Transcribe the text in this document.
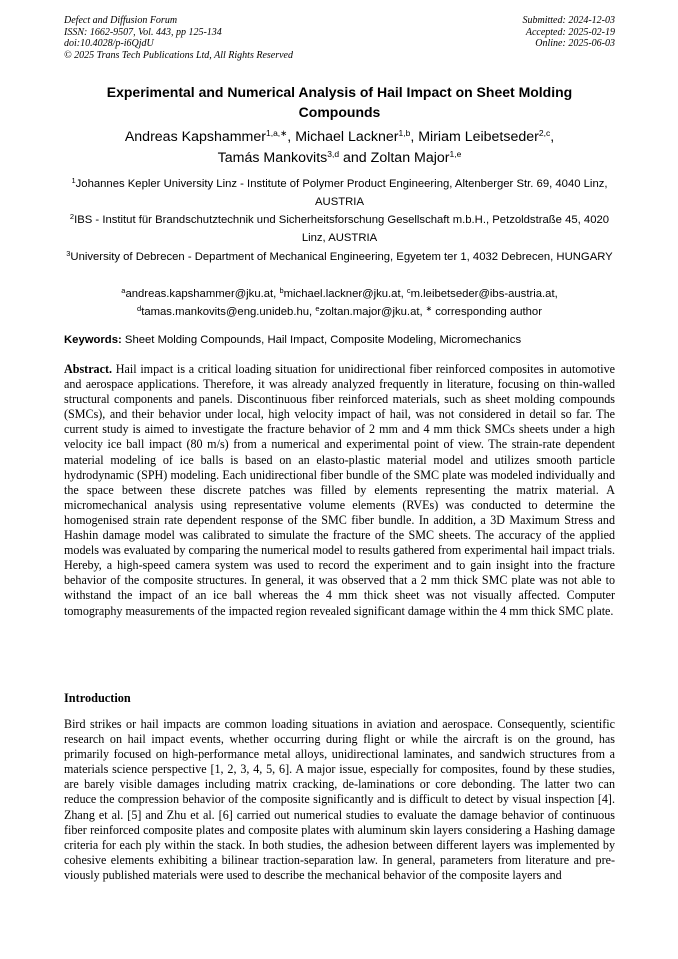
Defect and Diffusion Forum
ISSN: 1662-9507, Vol. 443, pp 125-134
doi:10.4028/p-i6QjdU
© 2025 Trans Tech Publications Ltd, All Rights Reserved
Submitted: 2024-12-03
Accepted: 2025-02-19
Online: 2025-06-03
Experimental and Numerical Analysis of Hail Impact on Sheet Molding Compounds
Andreas Kapshammer$^{1,a,∗}$, Michael Lackner$^{1,b}$, Miriam Leibetseder$^{2,c}$,
Tamás Mankovits$^{3,d}$ and Zoltan Major$^{1,e}$
$^1$Johannes Kepler University Linz - Institute of Polymer Product Engineering, Altenberger Str. 69, 4040 Linz, AUSTRIA
$^2$IBS - Institut für Brandschutztechnik und Sicherheitsforschung Gesellschaft m.b.H., Petzoldstraße 45, 4020 Linz, AUSTRIA
$^3$University of Debrecen - Department of Mechanical Engineering, Egyetem ter 1, 4032 Debrecen, HUNGARY
$^a$andreas.kapshammer@jku.at, $^b$michael.lackner@jku.at, $^c$m.leibetseder@ibs-austria.at,
$^d$tamas.mankovits@eng.unideb.hu, $^e$zoltan.major@jku.at, ∗ corresponding author
Keywords: Sheet Molding Compounds, Hail Impact, Composite Modeling, Micromechanics
Abstract. Hail impact is a critical loading situation for unidirectional fiber reinforced composites in automotive and aerospace applications. Therefore, it was already analyzed frequently in literature, focusing on thin-walled structural components and panels. Discontinuous fiber reinforced materials, such as sheet molding compounds (SMCs), and their behavior under local, high velocity impact of hail, was not considered in detail so far. The current study is aimed to investigate the fracture behavior of 2 mm and 4 mm thick SMCs sheets under a high velocity ice ball impact (80 m/s) from a numerical and experimental point of view. The strain-rate dependent material modeling of ice balls is based on an elasto-plastic material model and utilizes smooth particle hydrodynamic (SPH) modeling. Each unidirectional fiber bundle of the SMC plate was modeled individually and the space between these discrete patches was filled by elements representing the matrix material. A micromechanical analysis using representative volume elements (RVEs) was conducted to determine the homogenised strain rate dependent response of the SMC fiber bundle. In addition, a 3D Maximum Stress and Hashin damage model was calibrated to simulate the fracture of the SMC sheets. The accuracy of the applied models was evaluated by comparing the numerical model to results gathered from experimental hail impact trials. Hereby, a high-speed camera system was used to record the experiment and to gain insight into the fracture behavior of the composite structures. In general, it was observed that a 2 mm thick SMC plate was not able to withstand the impact of an ice ball whereas the 4 mm thick sheet was not visually affected. Computer tomography measurements of the impacted region revealed significant damage within the 4 mm thick SMC plate.
Introduction
Bird strikes or hail impacts are common loading situations in aviation and aerospace. Consequently, scientific research on hail impact events, whether occurring during flight or while the aircraft is on the ground, has primarily focused on high-performance metal alloys, unidirectional laminates, and sandwich structures from a materials science perspective [1, 2, 3, 4, 5, 6]. A major issue, especially for composites, found by these studies, are barely visible damages including matrix cracking, de-laminations or core debonding. The latter two can reduce the compression behavior of the composite significantly and is difficult to detect by visual inspection [4]. Zhang et al. [5] and Zhu et al. [6] carried out numerical studies to evaluate the damage behavior of continuous fiber reinforced composite plates and composite plates with aluminum skin layers considering a Hashing damage criteria for each ply within the stack. In both studies, the adhesion between different layers was implemented by cohesive elements exhibiting a bilinear traction-separation law. In general, parameters from literature and pre-viously published materials were used to describe the mechanical behavior of the composite layers and
